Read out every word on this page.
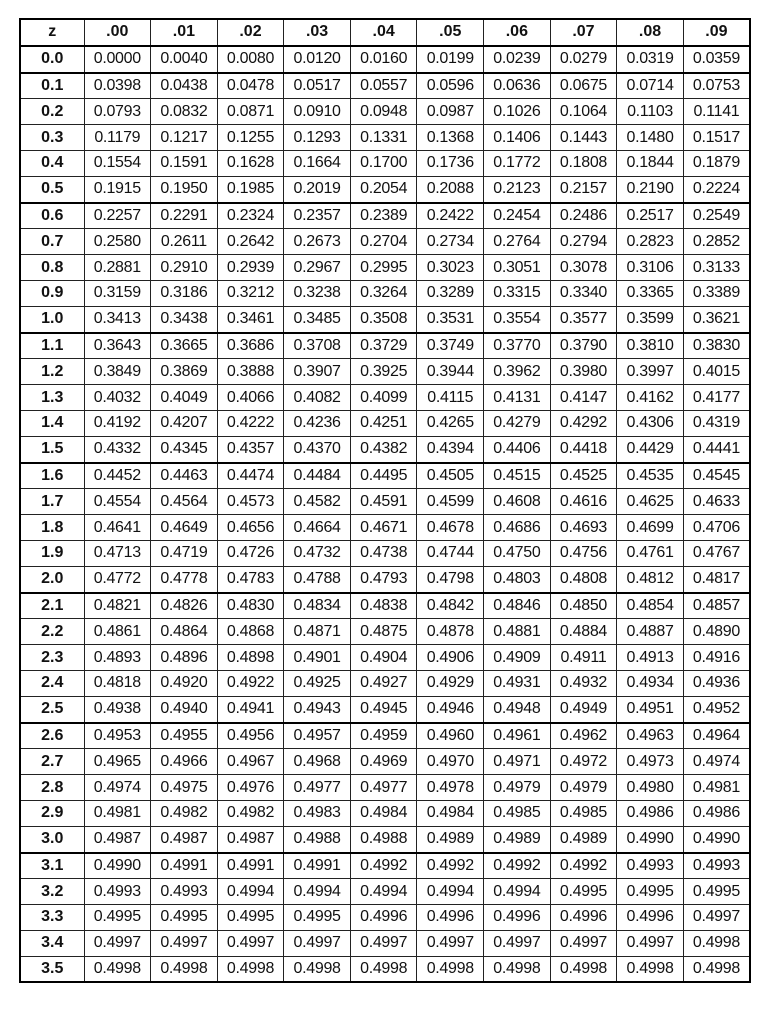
z	.00	.01	.02	.03	.04	.05	.06	.07	.08	.09
0.0	0.0000	0.0040	0.0080	0.0120	0.0160	0.0199	0.0239	0.0279	0.0319	0.0359
0.1	0.0398	0.0438	0.0478	0.0517	0.0557	0.0596	0.0636	0.0675	0.0714	0.0753
0.2	0.0793	0.0832	0.0871	0.0910	0.0948	0.0987	0.1026	0.1064	0.1103	0.1141
0.3	0.1179	0.1217	0.1255	0.1293	0.1331	0.1368	0.1406	0.1443	0.1480	0.1517
0.4	0.1554	0.1591	0.1628	0.1664	0.1700	0.1736	0.1772	0.1808	0.1844	0.1879
0.5	0.1915	0.1950	0.1985	0.2019	0.2054	0.2088	0.2123	0.2157	0.2190	0.2224
0.6	0.2257	0.2291	0.2324	0.2357	0.2389	0.2422	0.2454	0.2486	0.2517	0.2549
0.7	0.2580	0.2611	0.2642	0.2673	0.2704	0.2734	0.2764	0.2794	0.2823	0.2852
0.8	0.2881	0.2910	0.2939	0.2967	0.2995	0.3023	0.3051	0.3078	0.3106	0.3133
0.9	0.3159	0.3186	0.3212	0.3238	0.3264	0.3289	0.3315	0.3340	0.3365	0.3389
1.0	0.3413	0.3438	0.3461	0.3485	0.3508	0.3531	0.3554	0.3577	0.3599	0.3621
1.1	0.3643	0.3665	0.3686	0.3708	0.3729	0.3749	0.3770	0.3790	0.3810	0.3830
1.2	0.3849	0.3869	0.3888	0.3907	0.3925	0.3944	0.3962	0.3980	0.3997	0.4015
1.3	0.4032	0.4049	0.4066	0.4082	0.4099	0.4115	0.4131	0.4147	0.4162	0.4177
1.4	0.4192	0.4207	0.4222	0.4236	0.4251	0.4265	0.4279	0.4292	0.4306	0.4319
1.5	0.4332	0.4345	0.4357	0.4370	0.4382	0.4394	0.4406	0.4418	0.4429	0.4441
1.6	0.4452	0.4463	0.4474	0.4484	0.4495	0.4505	0.4515	0.4525	0.4535	0.4545
1.7	0.4554	0.4564	0.4573	0.4582	0.4591	0.4599	0.4608	0.4616	0.4625	0.4633
1.8	0.4641	0.4649	0.4656	0.4664	0.4671	0.4678	0.4686	0.4693	0.4699	0.4706
1.9	0.4713	0.4719	0.4726	0.4732	0.4738	0.4744	0.4750	0.4756	0.4761	0.4767
2.0	0.4772	0.4778	0.4783	0.4788	0.4793	0.4798	0.4803	0.4808	0.4812	0.4817
2.1	0.4821	0.4826	0.4830	0.4834	0.4838	0.4842	0.4846	0.4850	0.4854	0.4857
2.2	0.4861	0.4864	0.4868	0.4871	0.4875	0.4878	0.4881	0.4884	0.4887	0.4890
2.3	0.4893	0.4896	0.4898	0.4901	0.4904	0.4906	0.4909	0.4911	0.4913	0.4916
2.4	0.4818	0.4920	0.4922	0.4925	0.4927	0.4929	0.4931	0.4932	0.4934	0.4936
2.5	0.4938	0.4940	0.4941	0.4943	0.4945	0.4946	0.4948	0.4949	0.4951	0.4952
2.6	0.4953	0.4955	0.4956	0.4957	0.4959	0.4960	0.4961	0.4962	0.4963	0.4964
2.7	0.4965	0.4966	0.4967	0.4968	0.4969	0.4970	0.4971	0.4972	0.4973	0.4974
2.8	0.4974	0.4975	0.4976	0.4977	0.4977	0.4978	0.4979	0.4979	0.4980	0.4981
2.9	0.4981	0.4982	0.4982	0.4983	0.4984	0.4984	0.4985	0.4985	0.4986	0.4986
3.0	0.4987	0.4987	0.4987	0.4988	0.4988	0.4989	0.4989	0.4989	0.4990	0.4990
3.1	0.4990	0.4991	0.4991	0.4991	0.4992	0.4992	0.4992	0.4992	0.4993	0.4993
3.2	0.4993	0.4993	0.4994	0.4994	0.4994	0.4994	0.4994	0.4995	0.4995	0.4995
3.3	0.4995	0.4995	0.4995	0.4995	0.4996	0.4996	0.4996	0.4996	0.4996	0.4997
3.4	0.4997	0.4997	0.4997	0.4997	0.4997	0.4997	0.4997	0.4997	0.4997	0.4998
3.5	0.4998	0.4998	0.4998	0.4998	0.4998	0.4998	0.4998	0.4998	0.4998	0.4998
